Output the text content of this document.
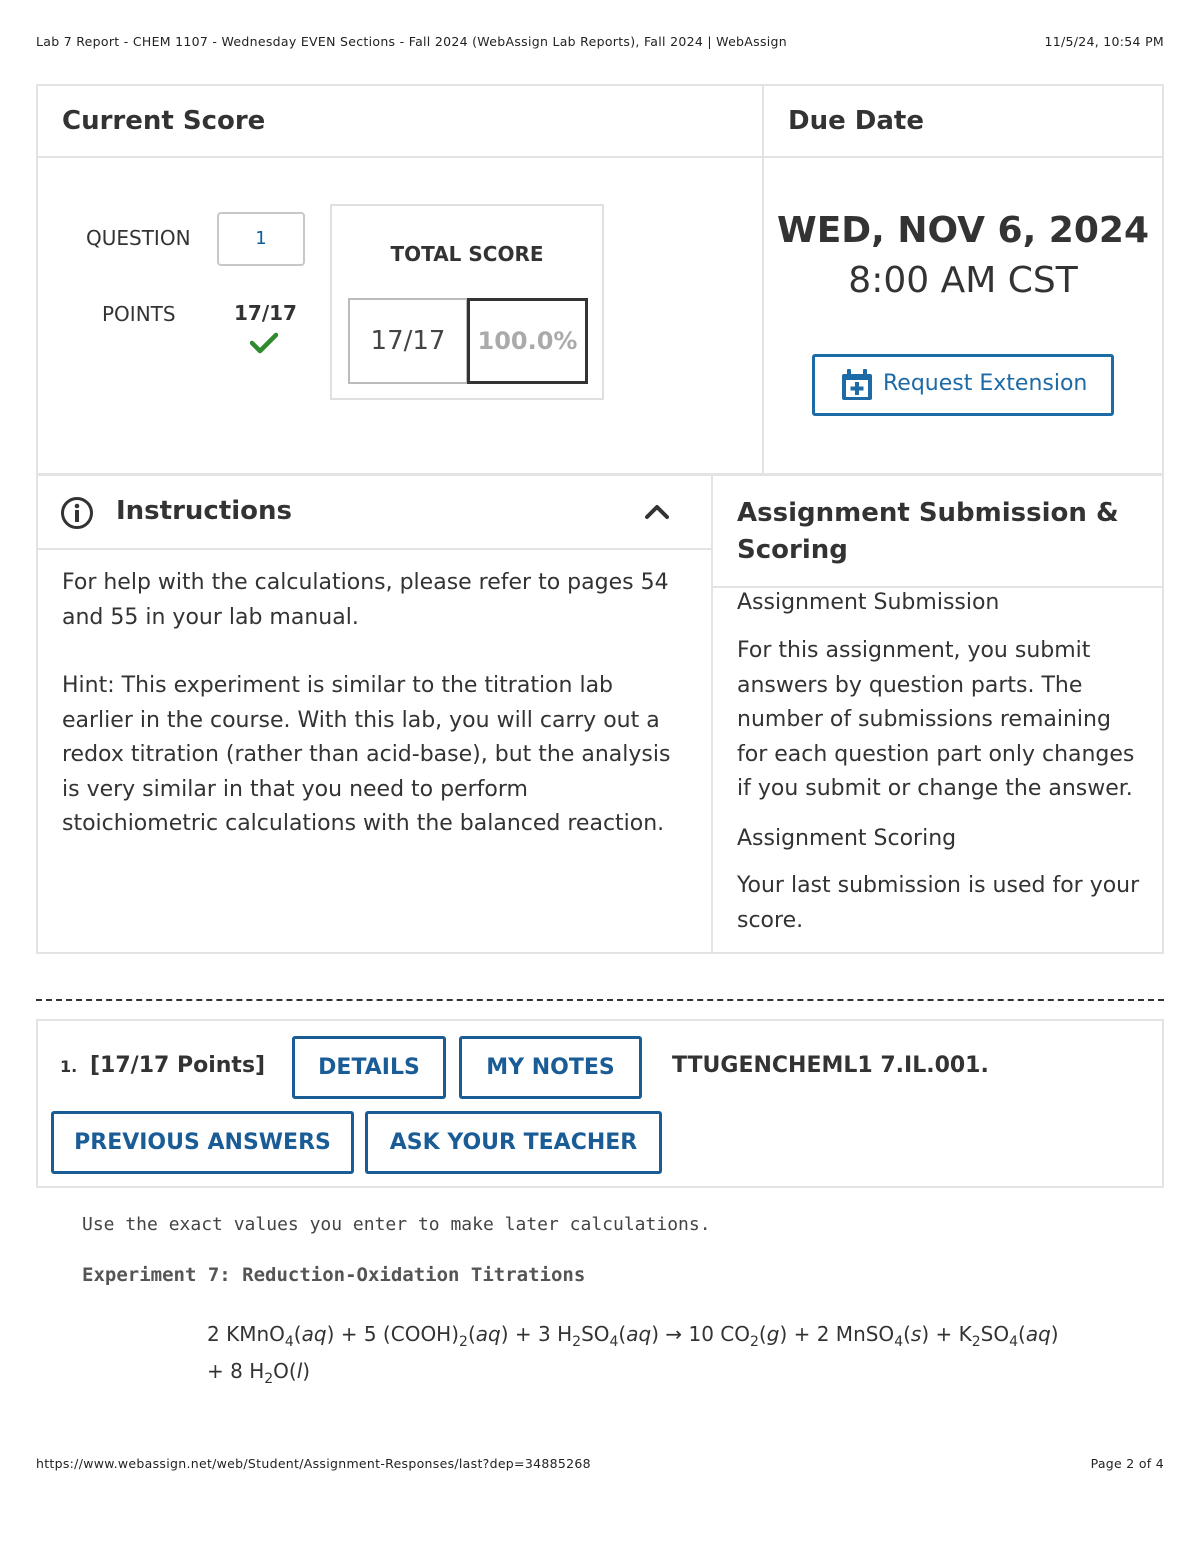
Lab 7 Report - CHEM 1107 - Wednesday EVEN Sections - Fall 2024 (WebAssign Lab Reports), Fall 2024 | WebAssign	11/5/24, 10:54 PM
Current Score
QUESTION	1
POINTS	17/17
TOTAL SCORE
17/17	100.0%
Due Date
WED, NOV 6, 2024
8:00 AM CST
Request Extension
Instructions
For help with the calculations, please refer to pages 54 and 55 in your lab manual.
Hint: This experiment is similar to the titration lab earlier in the course. With this lab, you will carry out a redox titration (rather than acid-base), but the analysis is very similar in that you need to perform stoichiometric calculations with the balanced reaction.
Assignment Submission & Scoring
Assignment Submission
For this assignment, you submit answers by question parts. The number of submissions remaining for each question part only changes if you submit or change the answer.
Assignment Scoring
Your last submission is used for your score.
1. [17/17 Points]	DETAILS	MY NOTES	TTUGENCHEML1 7.IL.001.
PREVIOUS ANSWERS	ASK YOUR TEACHER
Use the exact values you enter to make later calculations.
Experiment 7: Reduction-Oxidation Titrations
2 KMnO$_4$(aq) + 5 $(COOH)_2(aq) + 3$ $H_2SO_4(aq) \to 10$ $CO_2(g) + 2$ MnSO$_4$(s) + $K_2SO_4(aq)$
+ 8 $H_2O(l)$
https://www.webassign.net/web/Student/Assignment-Responses/last?dep=34885268	Page 2 of 4
